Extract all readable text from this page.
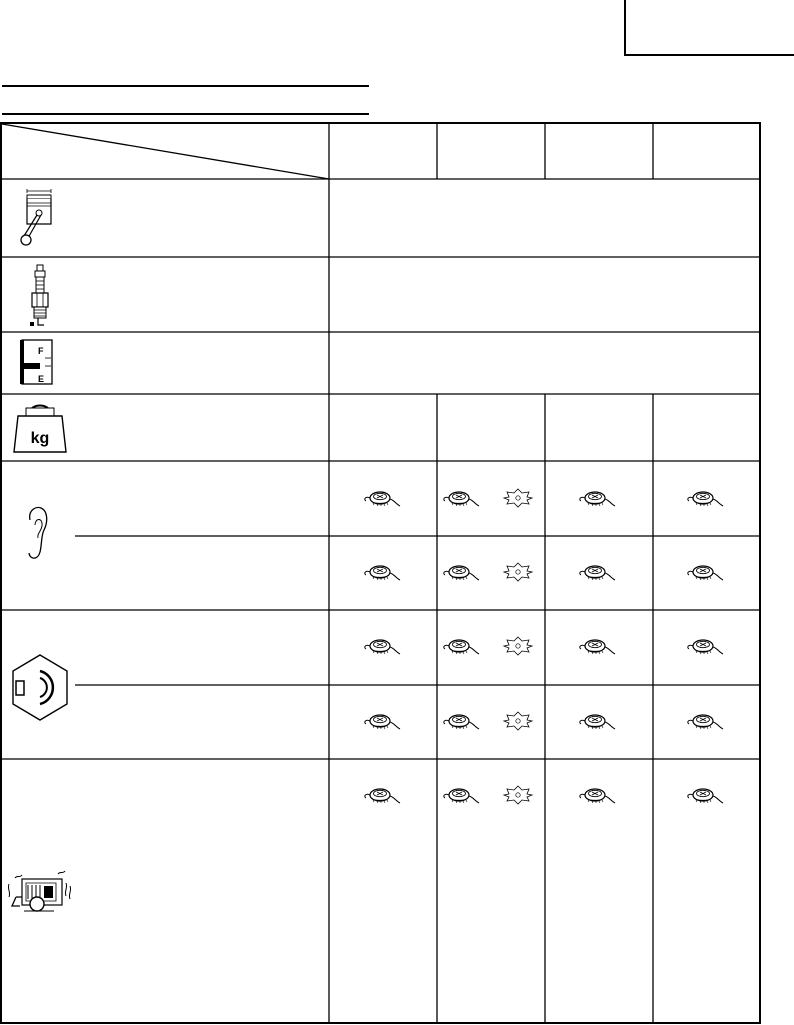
F
E
kg
